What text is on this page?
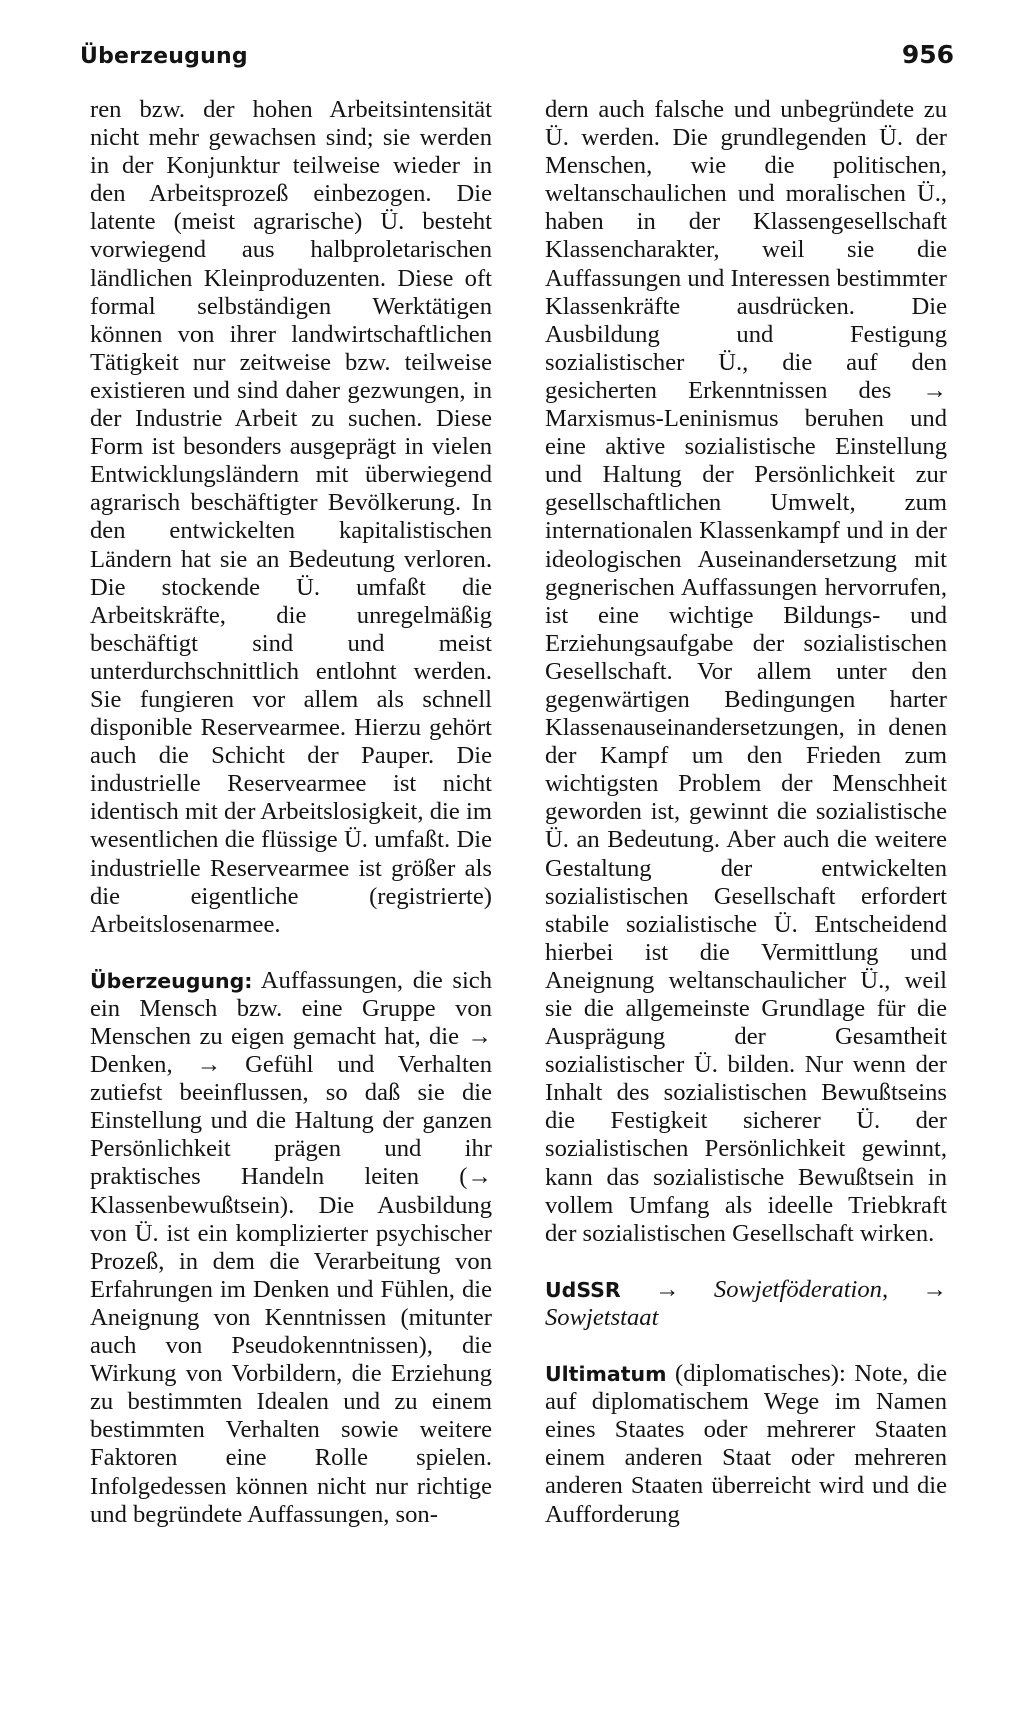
Überzeugung	956

ren bzw. der hohen Arbeitsintensität nicht mehr gewachsen sind; sie werden in der Konjunktur teilweise wieder in den Arbeitsprozeß einbezogen. Die latente (meist agrarische) Ü. besteht vorwiegend aus halbproletarischen ländlichen Kleinproduzenten. Diese oft formal selbständigen Werktätigen können von ihrer landwirtschaftlichen Tätigkeit nur zeitweise bzw. teilweise existieren und sind daher gezwungen, in der Industrie Arbeit zu suchen. Diese Form ist besonders ausgeprägt in vielen Entwicklungsländern mit überwiegend agrarisch beschäftigter Bevölkerung. In den entwickelten kapitalistischen Ländern hat sie an Bedeutung verloren. Die stockende Ü. umfaßt die Arbeitskräfte, die unregelmäßig beschäftigt sind und meist unterdurchschnittlich entlohnt werden. Sie fungieren vor allem als schnell disponible Reservearmee. Hierzu gehört auch die Schicht der Pauper. Die industrielle Reservearmee ist nicht identisch mit der Arbeitslosigkeit, die im wesentlichen die flüssige Ü. umfaßt. Die industrielle Reservearmee ist größer als die eigentliche (registrierte) Arbeitslosenarmee.

Überzeugung: Auffassungen, die sich ein Mensch bzw. eine Gruppe von Menschen zu eigen gemacht hat, die → Denken, → Gefühl und Verhalten zutiefst beeinflussen, so daß sie die Einstellung und die Haltung der ganzen Persönlichkeit prägen und ihr praktisches Handeln leiten (→ Klassenbewußtsein). Die Ausbildung von Ü. ist ein komplizierter psychischer Prozeß, in dem die Verarbeitung von Erfahrungen im Denken und Fühlen, die Aneignung von Kenntnissen (mitunter auch von Pseudokenntnissen), die Wirkung von Vorbildern, die Erziehung zu bestimmten Idealen und zu einem bestimmten Verhalten sowie weitere Faktoren eine Rolle spielen. Infolgedessen können nicht nur richtige und begründete Auffassungen, son-

dern auch falsche und unbegründete zu Ü. werden. Die grundlegenden Ü. der Menschen, wie die politischen, weltanschaulichen und moralischen Ü., haben in der Klassengesellschaft Klassencharakter, weil sie die Auffassungen und Interessen bestimmter Klassenkräfte ausdrücken. Die Ausbildung und Festigung sozialistischer Ü., die auf den gesicherten Erkenntnissen des → Marxismus-Leninismus beruhen und eine aktive sozialistische Einstellung und Haltung der Persönlichkeit zur gesellschaftlichen Umwelt, zum internationalen Klassenkampf und in der ideologischen Auseinandersetzung mit gegnerischen Auffassungen hervorrufen, ist eine wichtige Bildungs- und Erziehungsaufgabe der sozialistischen Gesellschaft. Vor allem unter den gegenwärtigen Bedingungen harter Klassenauseinandersetzungen, in denen der Kampf um den Frieden zum wichtigsten Problem der Menschheit geworden ist, gewinnt die sozialistische Ü. an Bedeutung. Aber auch die weitere Gestaltung der entwickelten sozialistischen Gesellschaft erfordert stabile sozialistische Ü. Entscheidend hierbei ist die Vermittlung und Aneignung weltanschaulicher Ü., weil sie die allgemeinste Grundlage für die Ausprägung der Gesamtheit sozialistischer Ü. bilden. Nur wenn der Inhalt des sozialistischen Bewußtseins die Festigkeit sicherer Ü. der sozialistischen Persönlichkeit gewinnt, kann das sozialistische Bewußtsein in vollem Umfang als ideelle Triebkraft der sozialistischen Gesellschaft wirken.

UdSSR → Sowjetföderation, → Sowjetstaat

Ultimatum (diplomatisches): Note, die auf diplomatischem Wege im Namen eines Staates oder mehrerer Staaten einem anderen Staat oder mehreren anderen Staaten überreicht wird und die Aufforderung
